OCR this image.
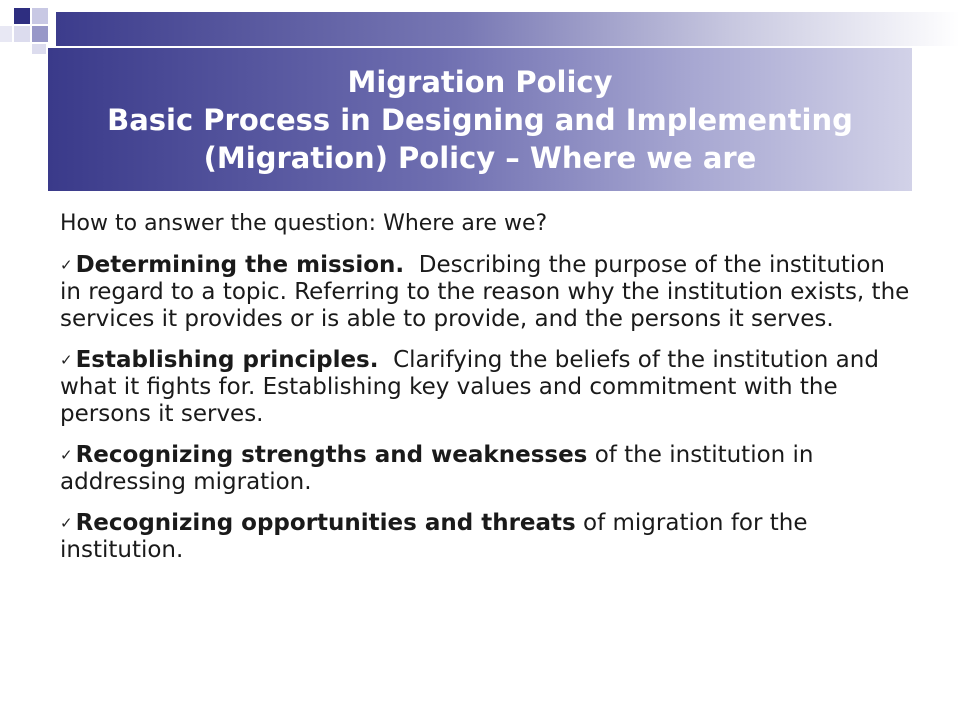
Migration Policy
Basic Process in Designing and Implementing
(Migration) Policy – Where we are

How to answer the question: Where are we?

✓ Determining the mission. Describing the purpose of the institution in regard to a topic. Referring to the reason why the institution exists, the services it provides or is able to provide, and the persons it serves.

✓ Establishing principles. Clarifying the beliefs of the institution and what it fights for. Establishing key values and commitment with the persons it serves.

✓ Recognizing strengths and weaknesses of the institution in addressing migration.

✓ Recognizing opportunities and threats of migration for the institution.
